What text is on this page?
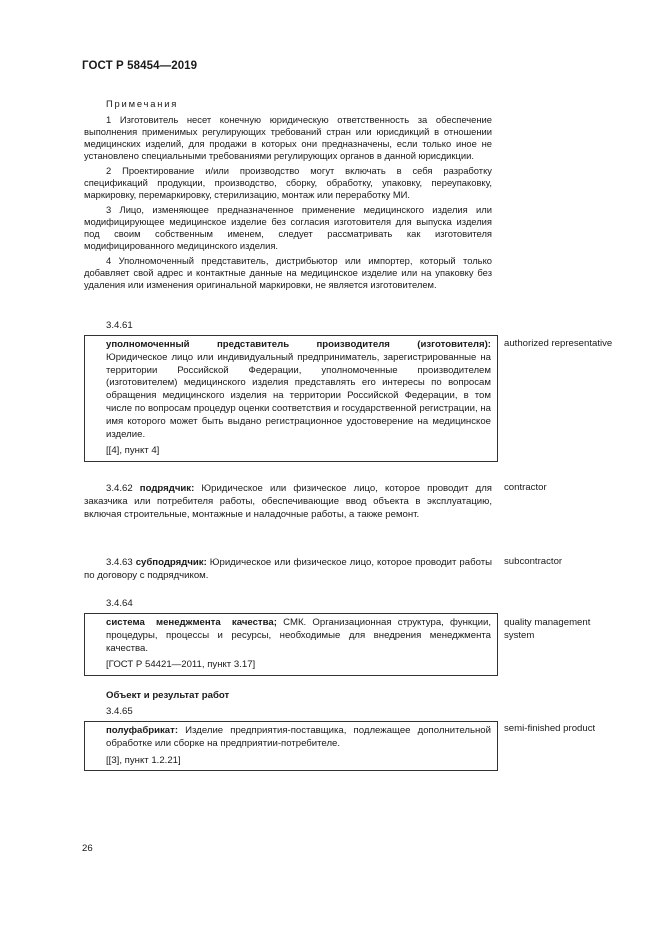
ГОСТ Р 58454—2019
Примечания

1 Изготовитель несет конечную юридическую ответственность за обеспечение выполнения применимых регулирующих требований стран или юрисдикций в отношении медицинских изделий, для продажи в которых они предназначены, если только иное не установлено специальными требованиями регулирующих органов в данной юрисдикции.

2 Проектирование и/или производство могут включать в себя разработку спецификаций продукции, производство, сборку, обработку, упаковку, переупаковку, маркировку, перемаркировку, стерилизацию, монтаж или переработку МИ.

3 Лицо, изменяющее предназначенное применение медицинского изделия или модифицирующее медицинское изделие без согласия изготовителя для выпуска изделия под своим собственным именем, следует рассматривать как изготовителя модифицированного медицинского изделия.

4 Уполномоченный представитель, дистрибьютор или импортер, который только добавляет свой адрес и контактные данные на медицинское изделие или на упаковку без удаления или изменения оригинальной маркировки, не является изготовителем.

3.4.61
уполномоченный представитель производителя (изготовителя): Юридическое лицо или индивидуальный предприниматель, зарегистрированные на территории Российской Федерации, уполномоченные производителем (изготовителем) медицинского изделия представлять его интересы по вопросам обращения медицинского изделия на территории Российской Федерации, в том числе по вопросам процедур оценки соответствия и государственной регистрации, на имя которого может быть выдано регистрационное удостоверение на медицинское изделие.
[[4], пункт 4]
authorized representative
3.4.62 подрядчик: Юридическое или физическое лицо, которое проводит для заказчика или потребителя работы, обеспечивающие ввод объекта в эксплуатацию, включая строительные, монтажные и наладочные работы, а также ремонт.
contractor
3.4.63 субподрядчик: Юридическое или физическое лицо, которое проводит работы по договору с подрядчиком.
subcontractor
3.4.64
система менеджмента качества; СМК. Организационная структура, функции, процедуры, процессы и ресурсы, необходимые для внедрения менеджмента качества.
[ГОСТ Р 54421—2011, пункт 3.17]
quality management system
Объект и результат работ
3.4.65
полуфабрикат: Изделие предприятия-поставщика, подлежащее дополнительной обработке или сборке на предприятии-потребителе.
[[3], пункт 1.2.21]
semi-finished product
26
